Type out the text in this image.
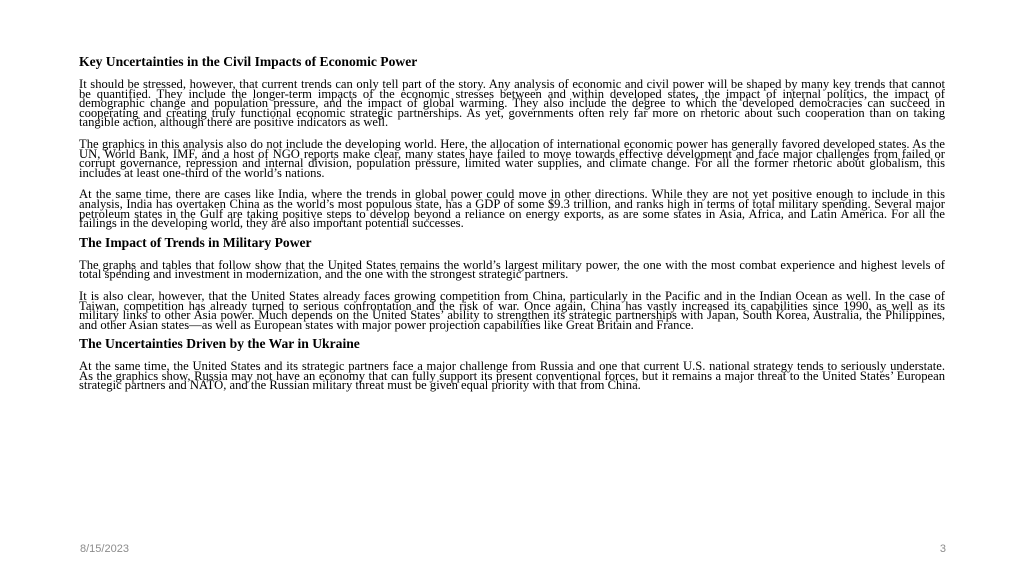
Key Uncertainties in the Civil Impacts of Economic Power

It should be stressed, however, that current trends can only tell part of the story. Any analysis of economic and civil power will be shaped by many key trends that cannot be quantified. They include the longer-term impacts of the economic stresses between and within developed states, the impact of internal politics, the impact of demographic change and population pressure, and the impact of global warming. They also include the degree to which the developed democracies can succeed in cooperating and creating truly functional economic strategic partnerships. As yet, governments often rely far more on rhetoric about such cooperation than on taking tangible action, although there are positive indicators as well.

The graphics in this analysis also do not include the developing world. Here, the allocation of international economic power has generally favored developed states. As the UN, World Bank, IMF, and a host of NGO reports make clear, many states have failed to move towards effective development and face major challenges from failed or corrupt governance, repression and internal division, population pressure, limited water supplies, and climate change. For all the former rhetoric about globalism, this includes at least one-third of the world’s nations.

At the same time, there are cases like India, where the trends in global power could move in other directions. While they are not yet positive enough to include in this analysis, India has overtaken China as the world’s most populous state, has a GDP of some $9.3 trillion, and ranks high in terms of total military spending. Several major petroleum states in the Gulf are taking positive steps to develop beyond a reliance on energy exports, as are some states in Asia, Africa, and Latin America. For all the failings in the developing world, they are also important potential successes.

The Impact of Trends in Military Power

The graphs and tables that follow show that the United States remains the world’s largest military power, the one with the most combat experience and highest levels of total spending and investment in modernization, and the one with the strongest strategic partners.

It is also clear, however, that the United States already faces growing competition from China, particularly in the Pacific and in the Indian Ocean as well. In the case of Taiwan, competition has already turned to serious confrontation and the risk of war. Once again, China has vastly increased its capabilities since 1990, as well as its military links to other Asia power. Much depends on the United States’ ability to strengthen its strategic partnerships with Japan, South Korea, Australia, the Philippines, and other Asian states—as well as European states with major power projection capabilities like Great Britain and France.

The Uncertainties Driven by the War in Ukraine

At the same time, the United States and its strategic partners face a major challenge from Russia and one that current U.S. national strategy tends to seriously understate. As the graphics show, Russia may not have an economy that can fully support its present conventional forces, but it remains a major threat to the United States’ European strategic partners and NATO, and the Russian military threat must be given equal priority with that from China.

8/15/2023	3
